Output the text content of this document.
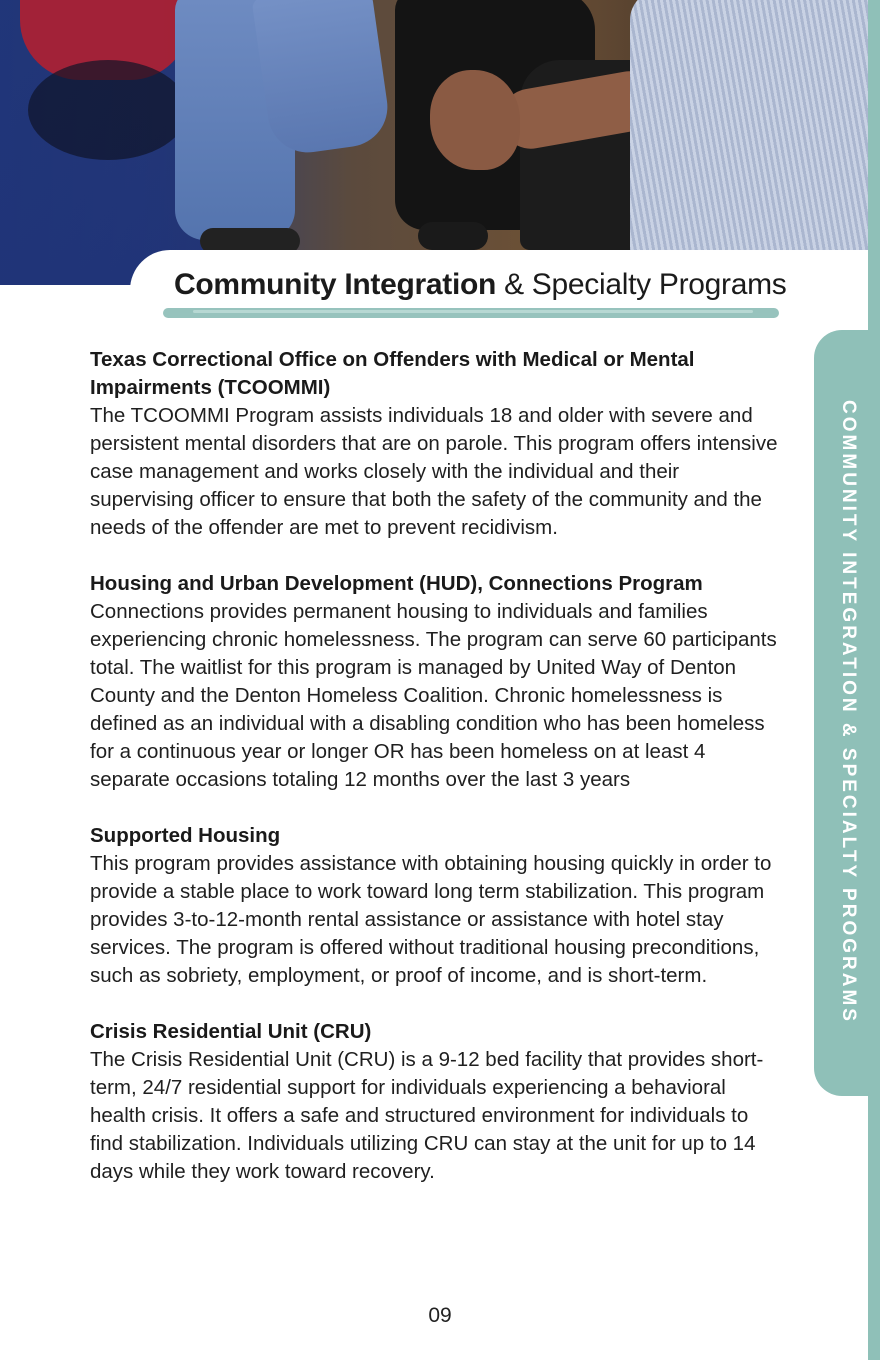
Community Integration & Specialty Programs
COMMUNITY INTEGRATION & SPECIALTY PROGRAMS
Texas Correctional Office on Offenders with Medical or Mental Impairments (TCOOMMI)

The TCOOMMI Program assists individuals 18 and older with severe and persistent mental disorders that are on parole. This program offers intensive case management and works closely with the individual and their supervising officer to ensure that both the safety of the community and the needs of the offender are met to prevent recidivism.

Housing and Urban Development (HUD), Connections Program

Connections provides permanent housing to individuals and families experiencing chronic homelessness. The program can serve 60 participants total. The waitlist for this program is managed by United Way of Denton County and the Denton Homeless Coalition. Chronic homelessness is defined as an individual with a disabling condition who has been homeless for a continuous year or longer OR has been homeless on at least 4 separate occasions totaling 12 months over the last 3 years

Supported Housing

This program provides assistance with obtaining housing quickly in order to provide a stable place to work toward long term stabilization. This program provides 3-to-12-month rental assistance or assistance with hotel stay services. The program is offered without traditional housing preconditions, such as sobriety, employment, or proof of income, and is short-term.

Crisis Residential Unit (CRU)

The Crisis Residential Unit (CRU) is a 9-12 bed facility that provides short-term, 24/7 residential support for individuals experiencing a behavioral health crisis. It offers a safe and structured environment for individuals to find stabilization. Individuals utilizing CRU can stay at the unit for up to 14 days while they work toward recovery.

09
